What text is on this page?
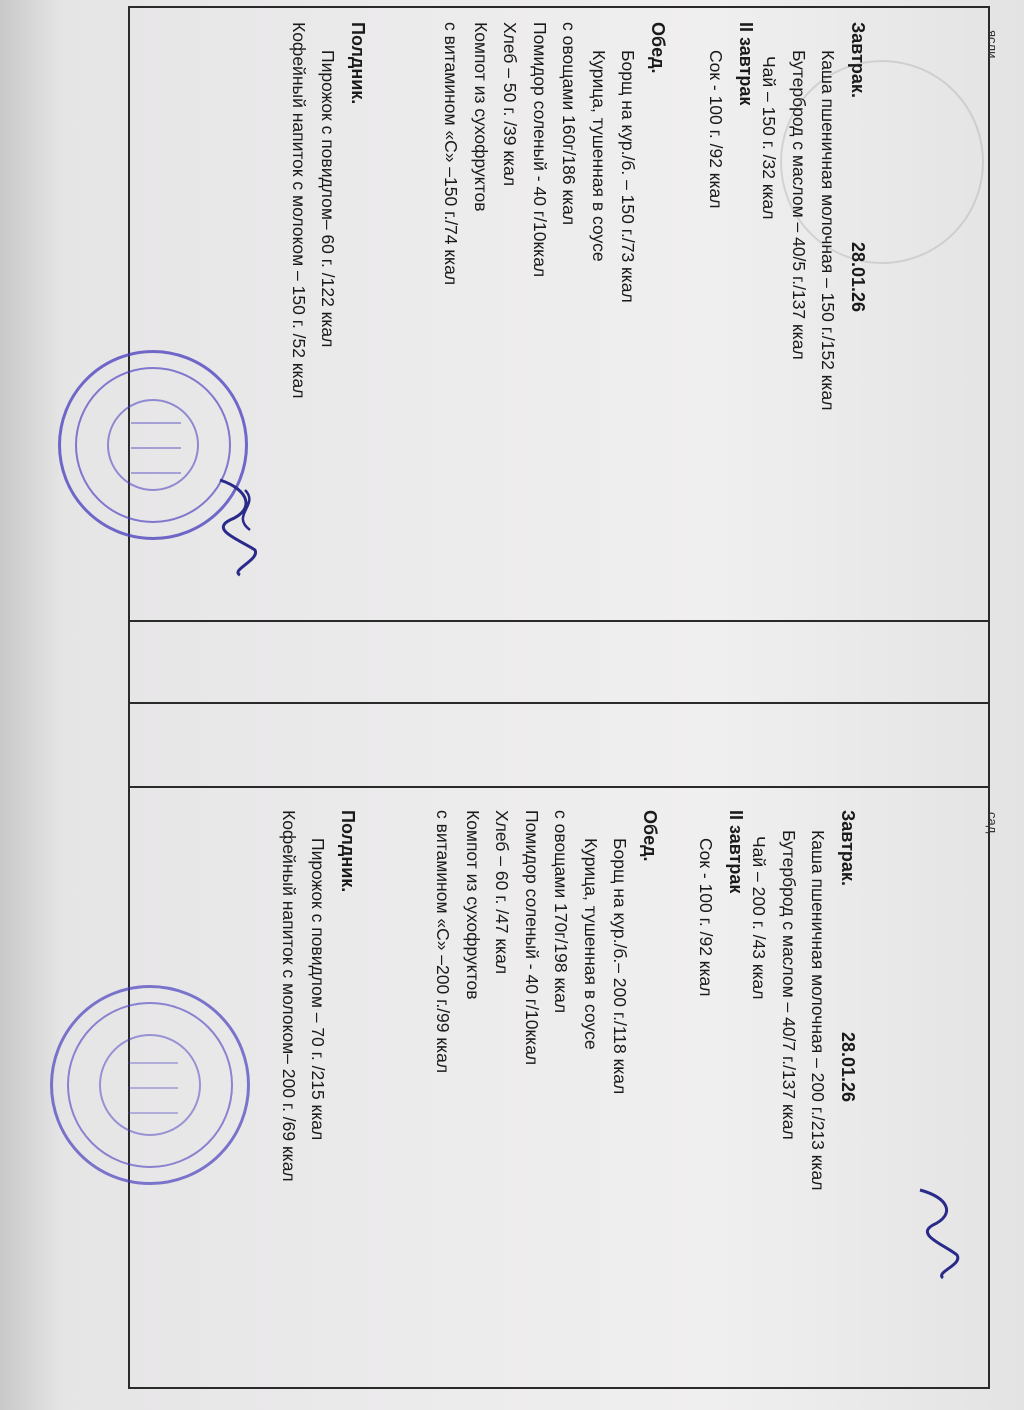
ясли
сад
28.01.26
Завтрак.
Каша пшеничная молочная – 150 г./152 ккал
Бутерброд с маслом – 40/5 г./137 ккал
Чай – 150 г. /32 ккал
II завтрак
Сок - 100 г. /92 ккал
Обед.
Борщ на кур./б. – 150 г./73 ккал
Курица, тушенная в соусе
с овощами 160г/186 ккал
Помидор соленый - 40 г/10ккал
Хлеб – 50 г. /39 ккал
Компот из сухофруктов
с витамином «С» –150 г./74 ккал
Полдник.
Пирожок с повидлом– 60 г. /122 ккал
Кофейный напиток с молоком – 150 г. /52 ккал
28.01.26
Завтрак.
Каша пшеничная молочная – 200 г./213 ккал
Бутерброд с маслом – 40/7 г./137 ккал
Чай – 200 г. /43 ккал
II завтрак
Сок - 100 г. /92 ккал
Обед.
Борщ на кур./б.– 200 г./118 ккал
Курица, тушенная в соусе
с овощами 170г/198 ккал
Помидор соленый - 40 г/10ккал
Хлеб – 60 г. /47 ккал
Компот из сухофруктов
с витамином «С» –200 г./99 ккал
Полдник.
Пирожок с повидлом – 70 г. /215 ккал
Кофейный напиток с молоком– 200 г. /69 ккал
